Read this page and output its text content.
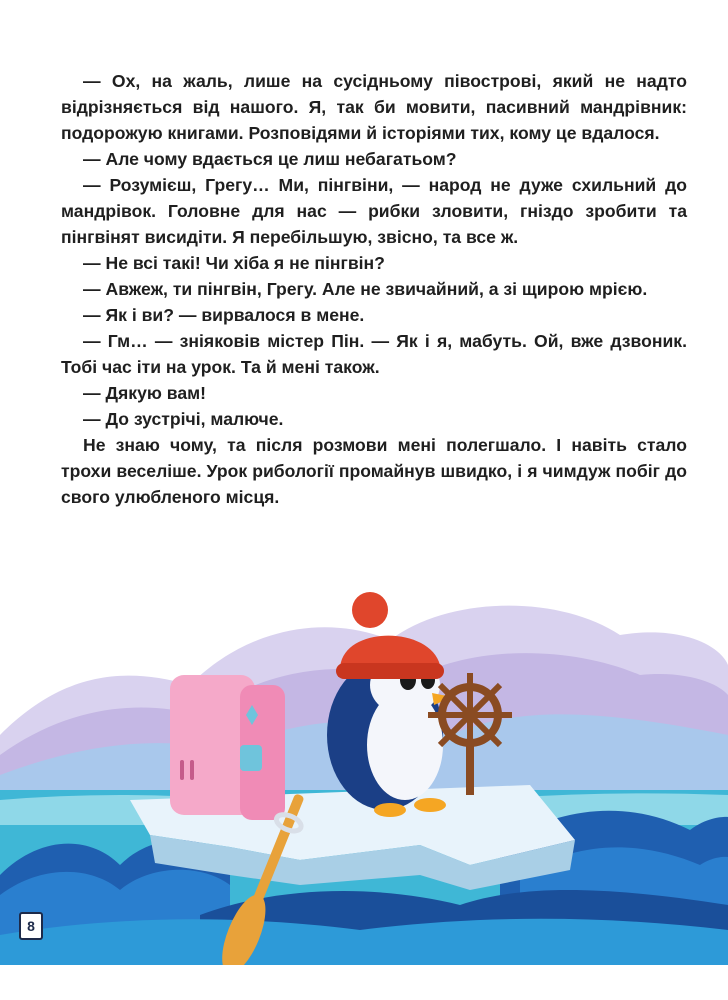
— Ох, на жаль, лише на сусідньому півострові, який не надто відрізняється від нашого. Я, так би мовити, пасивний мандрівник: подорожую книгами. Розповідями й історіями тих, кому це вдалося.

— Але чому вдається це лиш небагатьом?

— Розумієш, Грегу… Ми, пінгвіни, — народ не дуже схильний до мандрівок. Головне для нас — рибки зловити, гніздо зробити та пінгвінят висидіти. Я перебільшую, звісно, та все ж.

— Не всі такі! Чи хіба я не пінгвін?

— Авжеж, ти пінгвін, Грегу. Але не звичайний, а зі щирою мрією.

— Як і ви? — вирвалося в мене.

— Гм… — зніяковів містер Пін. — Як і я, мабуть. Ой, вже дзвоник. Тобі час іти на урок. Та й мені також.

— Дякую вам!

— До зустрічі, малюче.

Не знаю чому, та після розмови мені полегшало. І навіть стало трохи веселіше. Урок рибології промайнув швидко, і я чимдуж побіг до свого улюбленого місця.

8
